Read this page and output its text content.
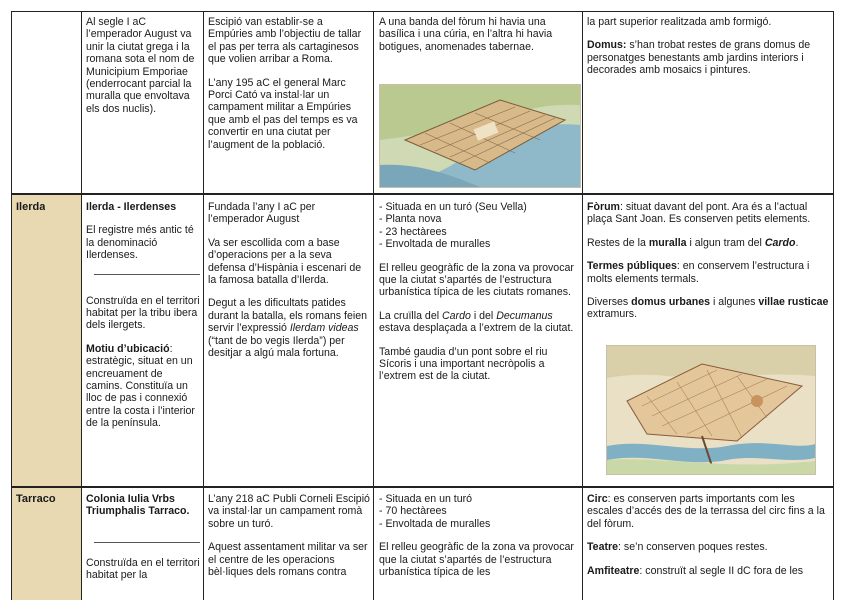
Al segle I aC l’emperador August va unir la ciutat grega i la romana sota el nom de Municipium Emporiae (enderrocant parcial la muralla que envoltava els dos nuclis).

Escipió van establir-se a Empúries amb l’objectiu de tallar el pas per terra als cartaginesos que volien arribar a Roma.

L’any 195 aC el general Marc Porci Cató va instal·lar un campament militar a Empúries que amb el pas del temps es va convertir en una ciutat per l’augment de la població.

A una banda del fòrum hi havia una basílica i una cúria, en l’altra hi havia botigues, anomenades tabernae.

la part superior realitzada amb formigó.

Domus: s’han trobat restes de grans domus de personatges benestants amb jardins interiors i decorades amb mosaics i pintures.

Ilerda	Ilerda - Ilerdenses

El registre més antic té la denominació Ilerdenses.

Construïda en el territori habitat per la tribu ibera dels ilergets.

Motiu d’ubicació: estratègic, situat en un encreuament de camins. Constituïa un lloc de pas i connexió entre la costa i l’interior de la península.

Fundada l’any I aC per l’emperador August

Va ser escollida com a base d’operacions per a la seva defensa d’Hispània i escenari de la famosa batalla d’Ilerda.

Degut a les dificultats patides durant la batalla, els romans feien servir l’expressió Ilerdam videas (“tant de bo vegis Ilerda”) per desitjar a algú mala fortuna.

- Situada en un turó (Seu Vella)
- Planta nova
- 23 hectàrees
- Envoltada de muralles

El relleu geogràfic de la zona va provocar que la ciutat s’apartés de l’estructura urbanística típica de les ciutats romanes.

La cruïlla del Cardo i del Decumanus estava desplaçada a l’extrem de la ciutat.

També gaudia d’un pont sobre el riu Sícoris i una important necròpolis a l’extrem est de la ciutat.

Fòrum: situat davant del pont. Ara és a l’actual plaça Sant Joan. Es conserven petits elements.

Restes de la muralla i algun tram del Cardo.

Termes públiques: en conservem l’estructura i molts elements termals.

Diverses domus urbanes i algunes villae rusticae extramurs.

Tarraco	Colonia Iulia Vrbs Triumphalis Tarraco.

Construïda en el territori habitat per la

L’any 218 aC Publi Corneli Escipió va instal·lar un campament romà sobre un turó.

Aquest assentament militar va ser el centre de les operacions bèl·liques dels romans contra

- Situada en un turó
- 70 hectàrees
- Envoltada de muralles

El relleu geogràfic de la zona va provocar que la ciutat s’apartés de l’estructura urbanística típica de les

Circ: es conserven parts importants com les escales d’accés des de la terrassa del circ fins a la del fòrum.

Teatre: se’n conserven poques restes.

Amfiteatre: construït al segle II dC fora de les
